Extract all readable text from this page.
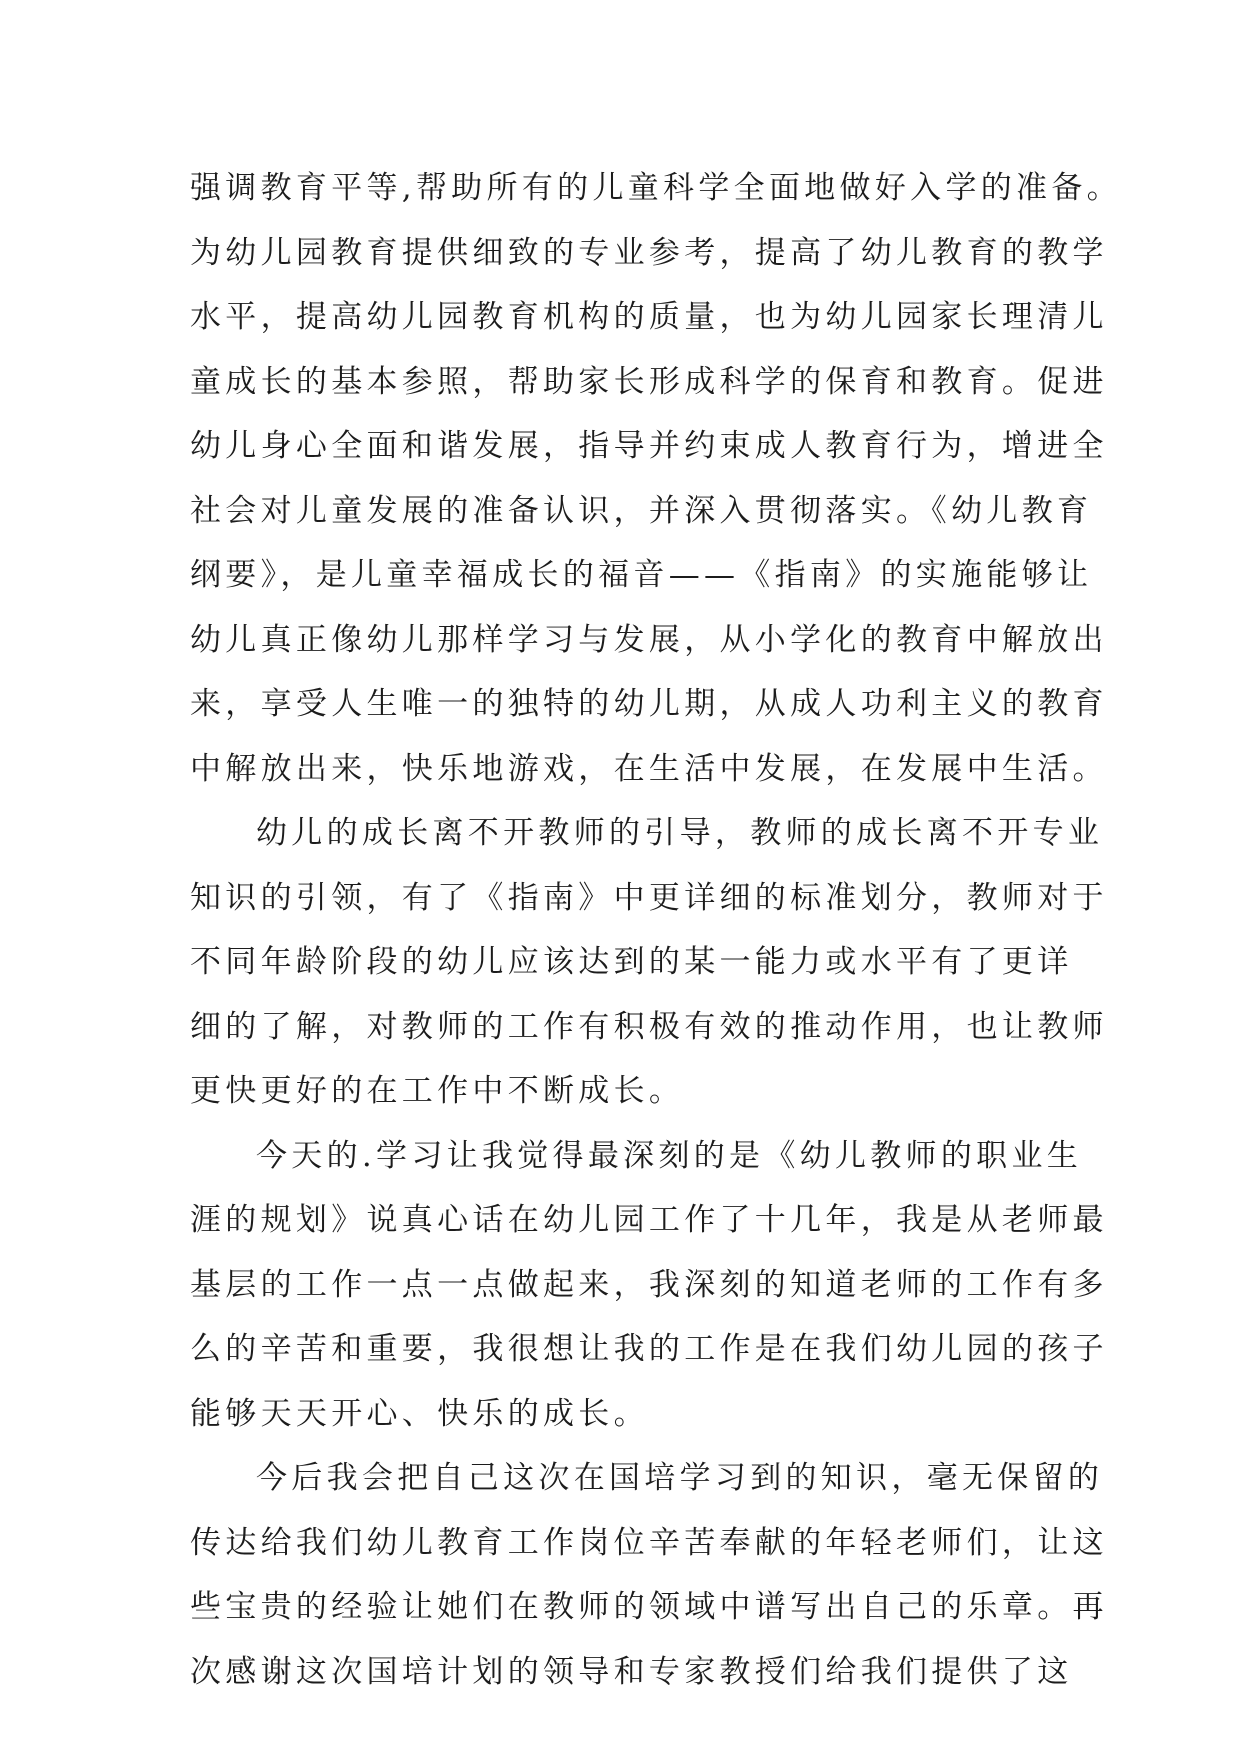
强调教育平等,帮助所有的儿童科学全面地做好入学的准备。
为幼儿园教育提供细致的专业参考，提高了幼儿教育的教学
水平，提高幼儿园教育机构的质量，也为幼儿园家长理清儿
童成长的基本参照，帮助家长形成科学的保育和教育。促进
幼儿身心全面和谐发展，指导并约束成人教育行为，增进全
社会对儿童发展的准备认识，并深入贯彻落实。《幼儿教育
纲要》，是儿童幸福成长的福音——《指南》的实施能够让
幼儿真正像幼儿那样学习与发展，从小学化的教育中解放出
来，享受人生唯一的独特的幼儿期，从成人功利主义的教育
中解放出来，快乐地游戏，在生活中发展，在发展中生活。
幼儿的成长离不开教师的引导，教师的成长离不开专业
知识的引领，有了《指南》中更详细的标准划分，教师对于
不同年龄阶段的幼儿应该达到的某一能力或水平有了更详
细的了解，对教师的工作有积极有效的推动作用，也让教师
更快更好的在工作中不断成长。
今天的.学习让我觉得最深刻的是《幼儿教师的职业生
涯的规划》说真心话在幼儿园工作了十几年，我是从老师最
基层的工作一点一点做起来，我深刻的知道老师的工作有多
么的辛苦和重要，我很想让我的工作是在我们幼儿园的孩子
能够天天开心、快乐的成长。
今后我会把自己这次在国培学习到的知识，毫无保留的
传达给我们幼儿教育工作岗位辛苦奉献的年轻老师们，让这
些宝贵的经验让她们在教师的领域中谱写出自己的乐章。再
次感谢这次国培计划的领导和专家教授们给我们提供了这
